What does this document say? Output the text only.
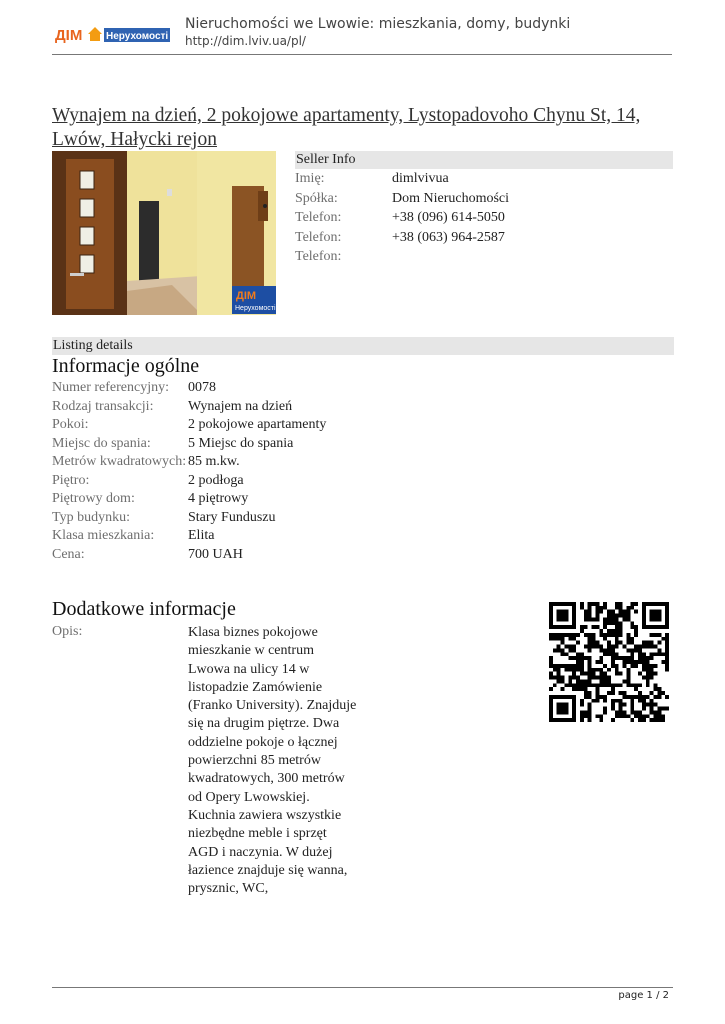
ДІМ Нерухомості
Nieruchomości we Lwowie: mieszkania, domy, budynki
http://dim.lviv.ua/pl/
Wynajem na dzień, 2 pokojowe apartamenty, Lystopadovoho Chynu St, 14, Lwów, Hałycki rejon
ДІМ
Нерухомості
Seller Info
Imię:	dimlvivua
Spółka:	Dom Nieruchomości
Telefon:	+38 (096) 614-5050
Telefon:	+38 (063) 964-2587
Telefon:
Listing details
Informacje ogólne
Numer referencyjny:	0078
Rodzaj transakcji:	Wynajem na dzień
Pokoi:	2 pokojowe apartamenty
Miejsc do spania:	5 Miejsc do spania
Metrów kwadratowych: 85 m.kw.
Piętro:	2 podłoga
Piętrowy dom:	4 piętrowy
Typ budynku:	Stary Funduszu
Klasa mieszkania:	Elita
Cena:	700 UAH
Dodatkowe informacje
Opis:	Klasa biznes pokojowe mieszkanie w centrum Lwowa na ulicy 14 w listopadzie Zamówienie (Franko University). Znajduje się na drugim piętrze. Dwa oddzielne pokoje o łącznej powierzchni 85 metrów kwadratowych, 300 metrów od Opery Lwowskiej. Kuchnia zawiera wszystkie niezbędne meble i sprzęt AGD i naczynia. W dużej łazience znajduje się wanna, prysznic, WC,
page 1 / 2
